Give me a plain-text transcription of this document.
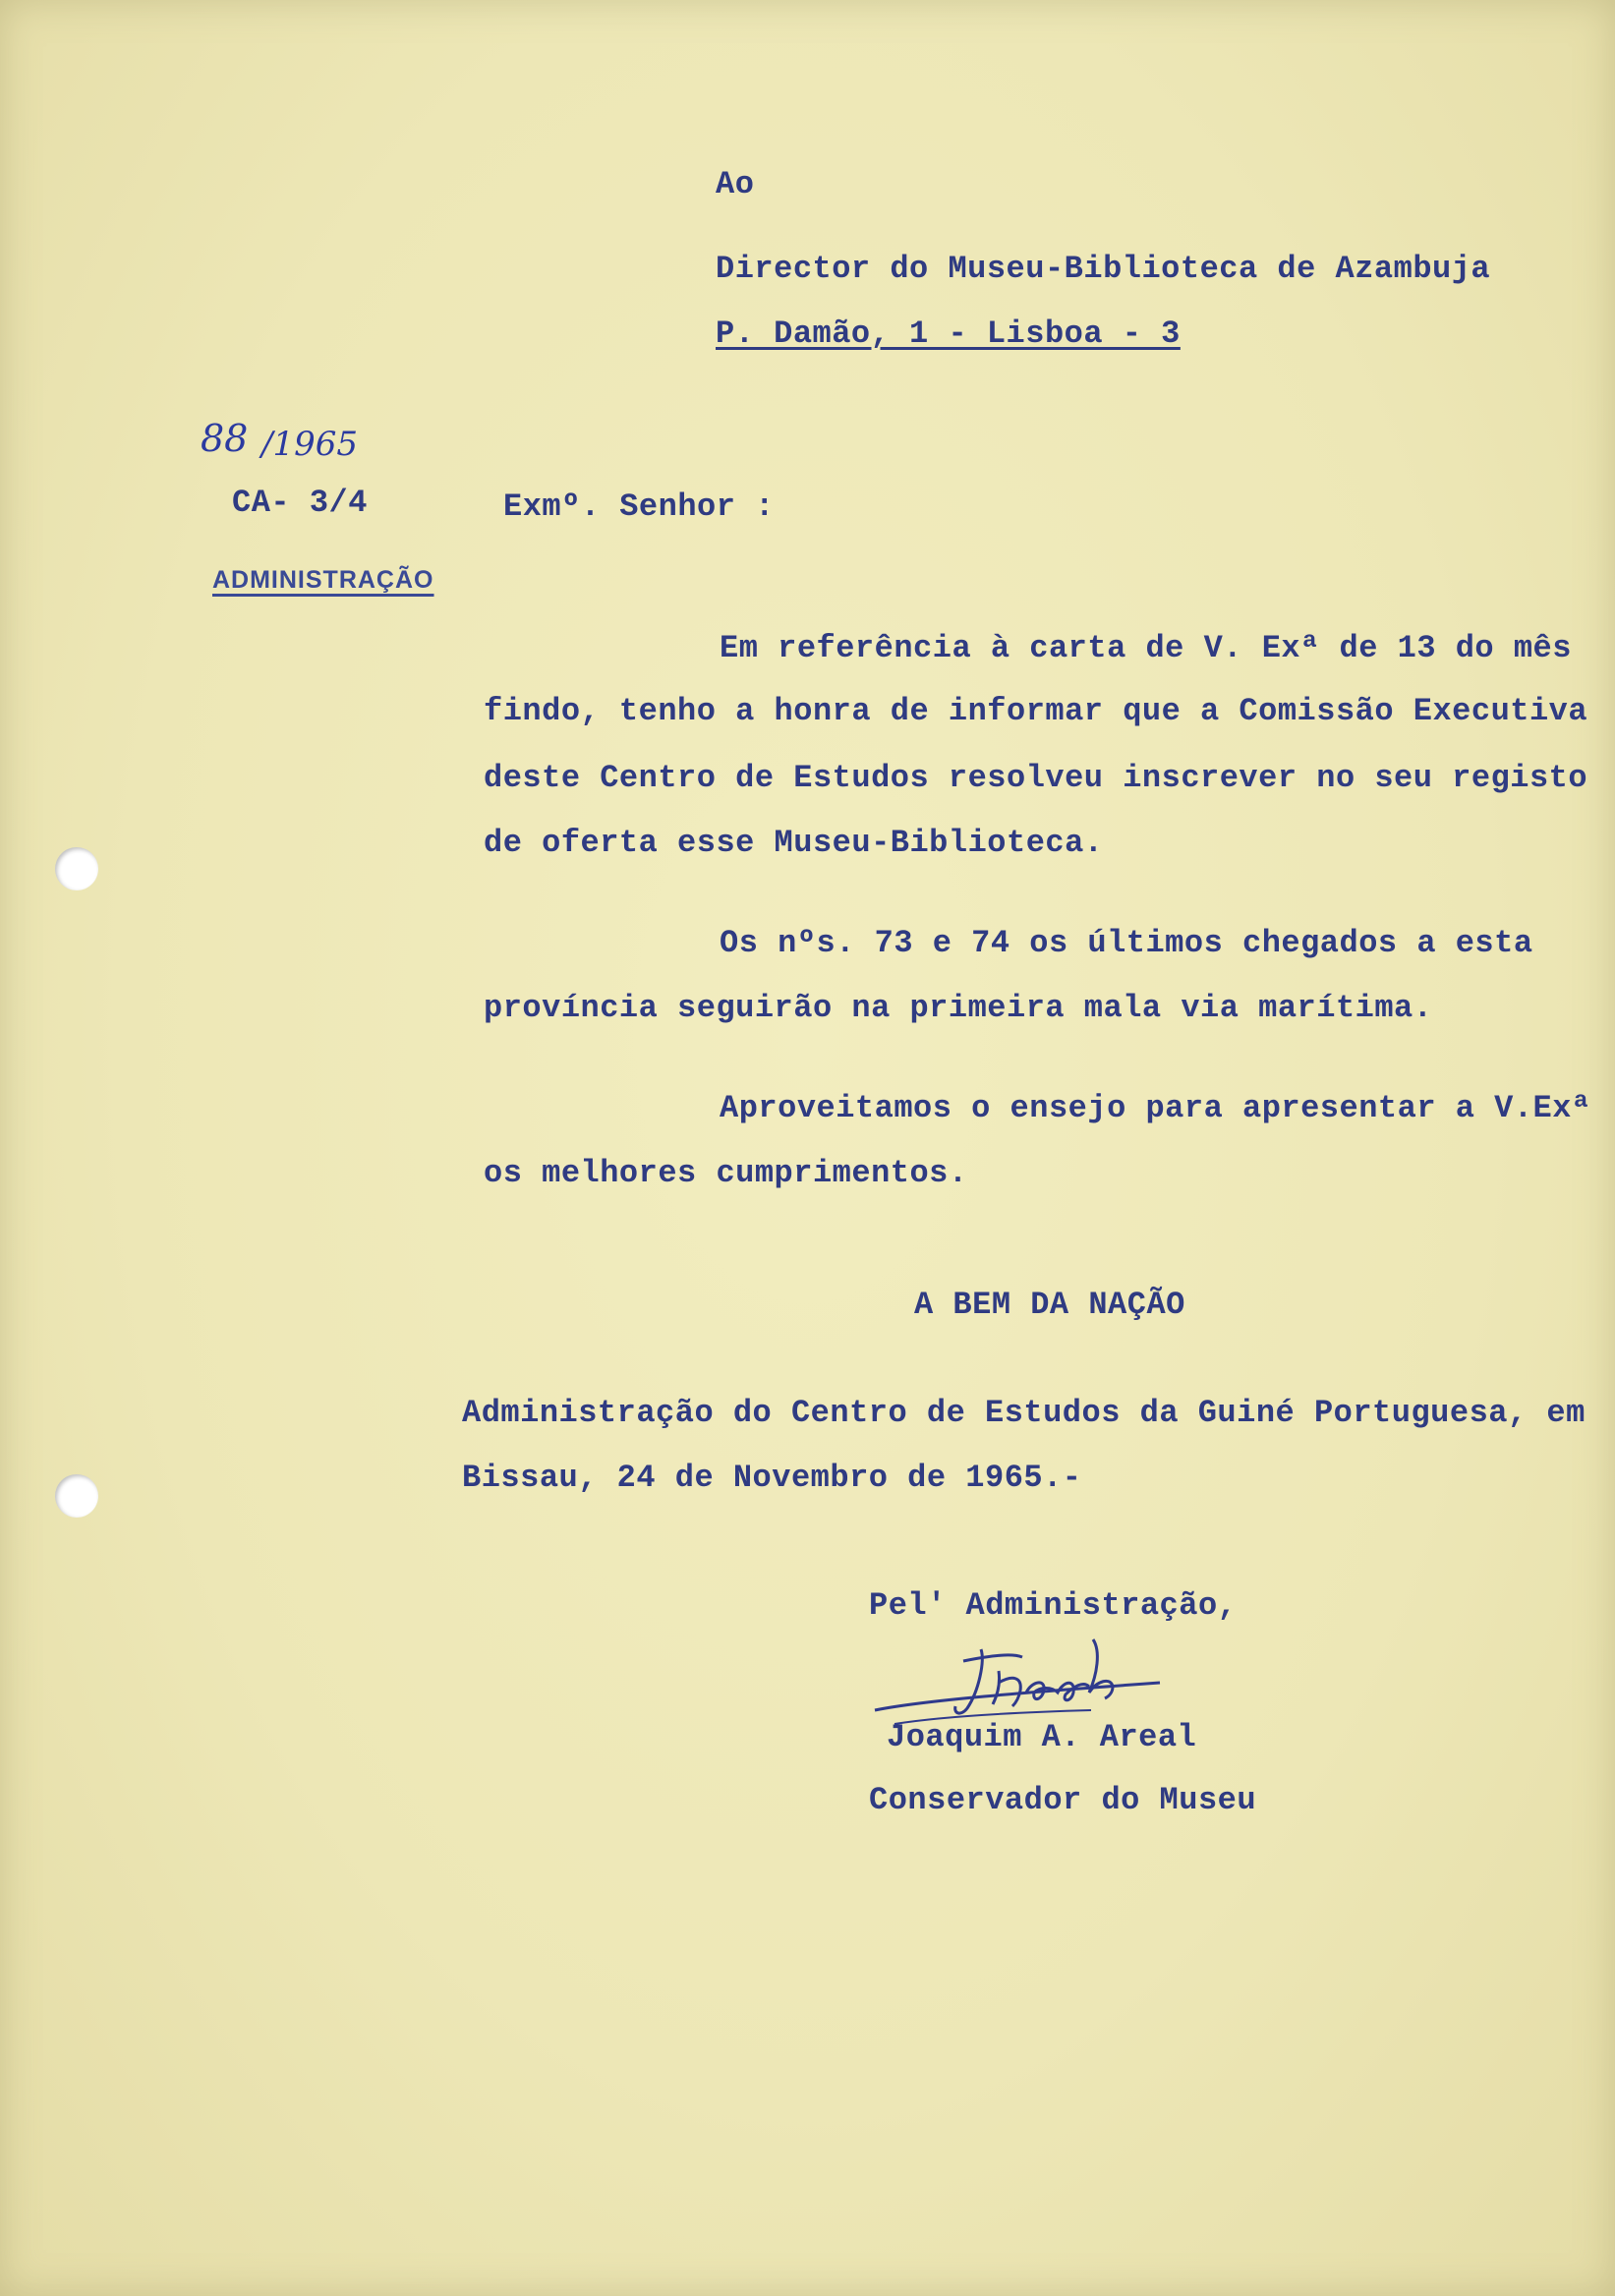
Ao

Director do Museu-Biblioteca de Azambuja

P. Damão, 1 - Lisboa - 3

88 /1965

CA- 3/4

ADMINISTRAÇÃO

Exmº. Senhor :

Em referência à carta de V. Exª de 13 do mês

findo, tenho a honra de informar que a Comissão Executiva

deste Centro de Estudos resolveu inscrever no seu registo

de oferta esse Museu-Biblioteca.

Os nºs. 73 e 74 os últimos chegados a esta

província seguirão na primeira mala via marítima.

Aproveitamos o ensejo para apresentar a V.Exª

os melhores cumprimentos.

A BEM DA NAÇÃO

Administração do Centro de Estudos da Guiné Portuguesa, em

Bissau, 24 de Novembro de 1965.-

Pel' Administração,

Joaquim A. Areal

Conservador do Museu
